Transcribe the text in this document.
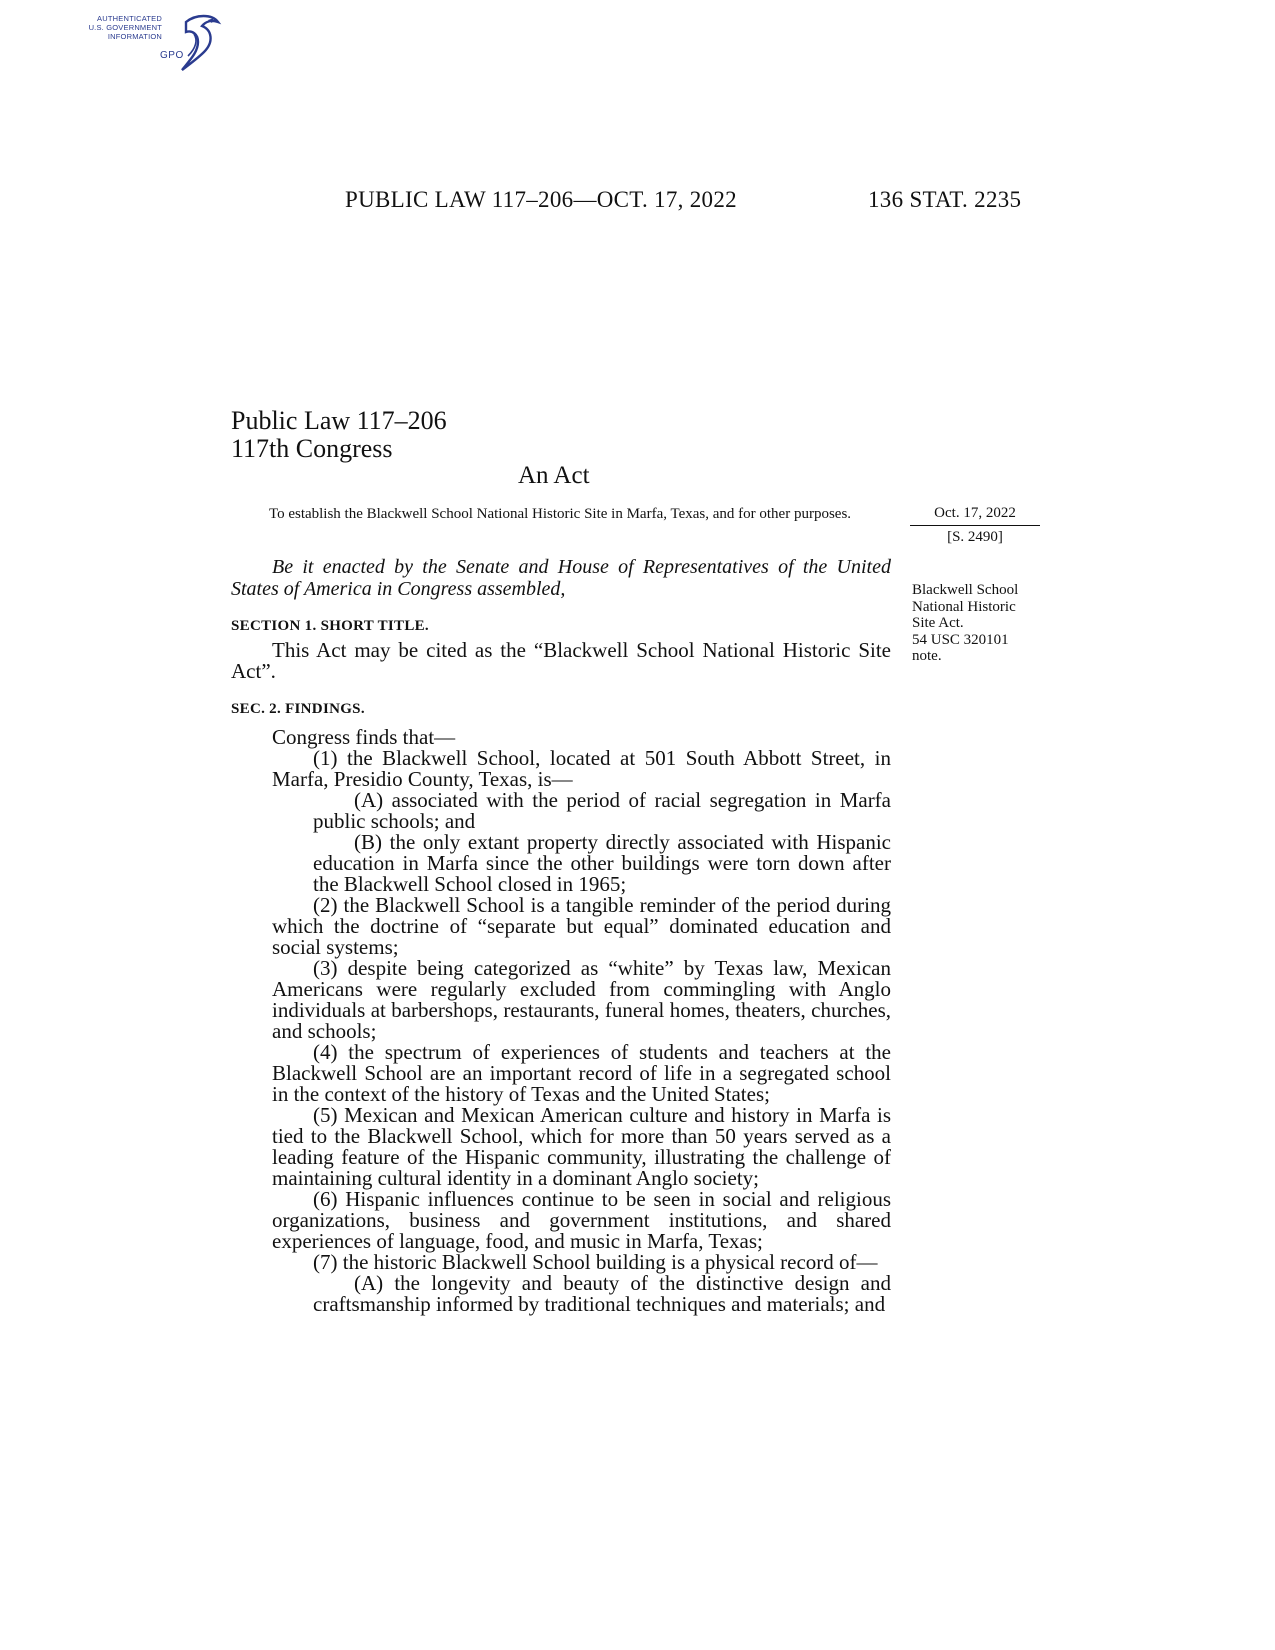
AUTHENTICATED
U.S. GOVERNMENT
INFORMATION
GPO
PUBLIC LAW 117–206—OCT. 17, 2022	136 STAT. 2235
Public Law 117–206
117th Congress
An Act
To establish the Blackwell School National Historic Site in Marfa, Texas, and for other purposes.	Oct. 17, 2022
[S. 2490]
Blackwell School
National Historic
Site Act.
54 USC 320101
note.
Be it enacted by the Senate and House of Representatives of the United States of America in Congress assembled,
SECTION 1. SHORT TITLE.
This Act may be cited as the “Blackwell School National Historic Site Act”.
SEC. 2. FINDINGS.

Congress finds that—

(1) the Blackwell School, located at 501 South Abbott Street, in Marfa, Presidio County, Texas, is—

(A) associated with the period of racial segregation in Marfa public schools; and

(B) the only extant property directly associated with Hispanic education in Marfa since the other buildings were torn down after the Blackwell School closed in 1965;

(2) the Blackwell School is a tangible reminder of the period during which the doctrine of “separate but equal” dominated education and social systems;

(3) despite being categorized as “white” by Texas law, Mexican Americans were regularly excluded from commingling with Anglo individuals at barbershops, restaurants, funeral homes, theaters, churches, and schools;

(4) the spectrum of experiences of students and teachers at the Blackwell School are an important record of life in a segregated school in the context of the history of Texas and the United States;

(5) Mexican and Mexican American culture and history in Marfa is tied to the Blackwell School, which for more than 50 years served as a leading feature of the Hispanic community, illustrating the challenge of maintaining cultural identity in a dominant Anglo society;

(6) Hispanic influences continue to be seen in social and religious organizations, business and government institutions, and shared experiences of language, food, and music in Marfa, Texas;

(7) the historic Blackwell School building is a physical record of—

(A) the longevity and beauty of the distinctive design and craftsmanship informed by traditional techniques and materials; and
